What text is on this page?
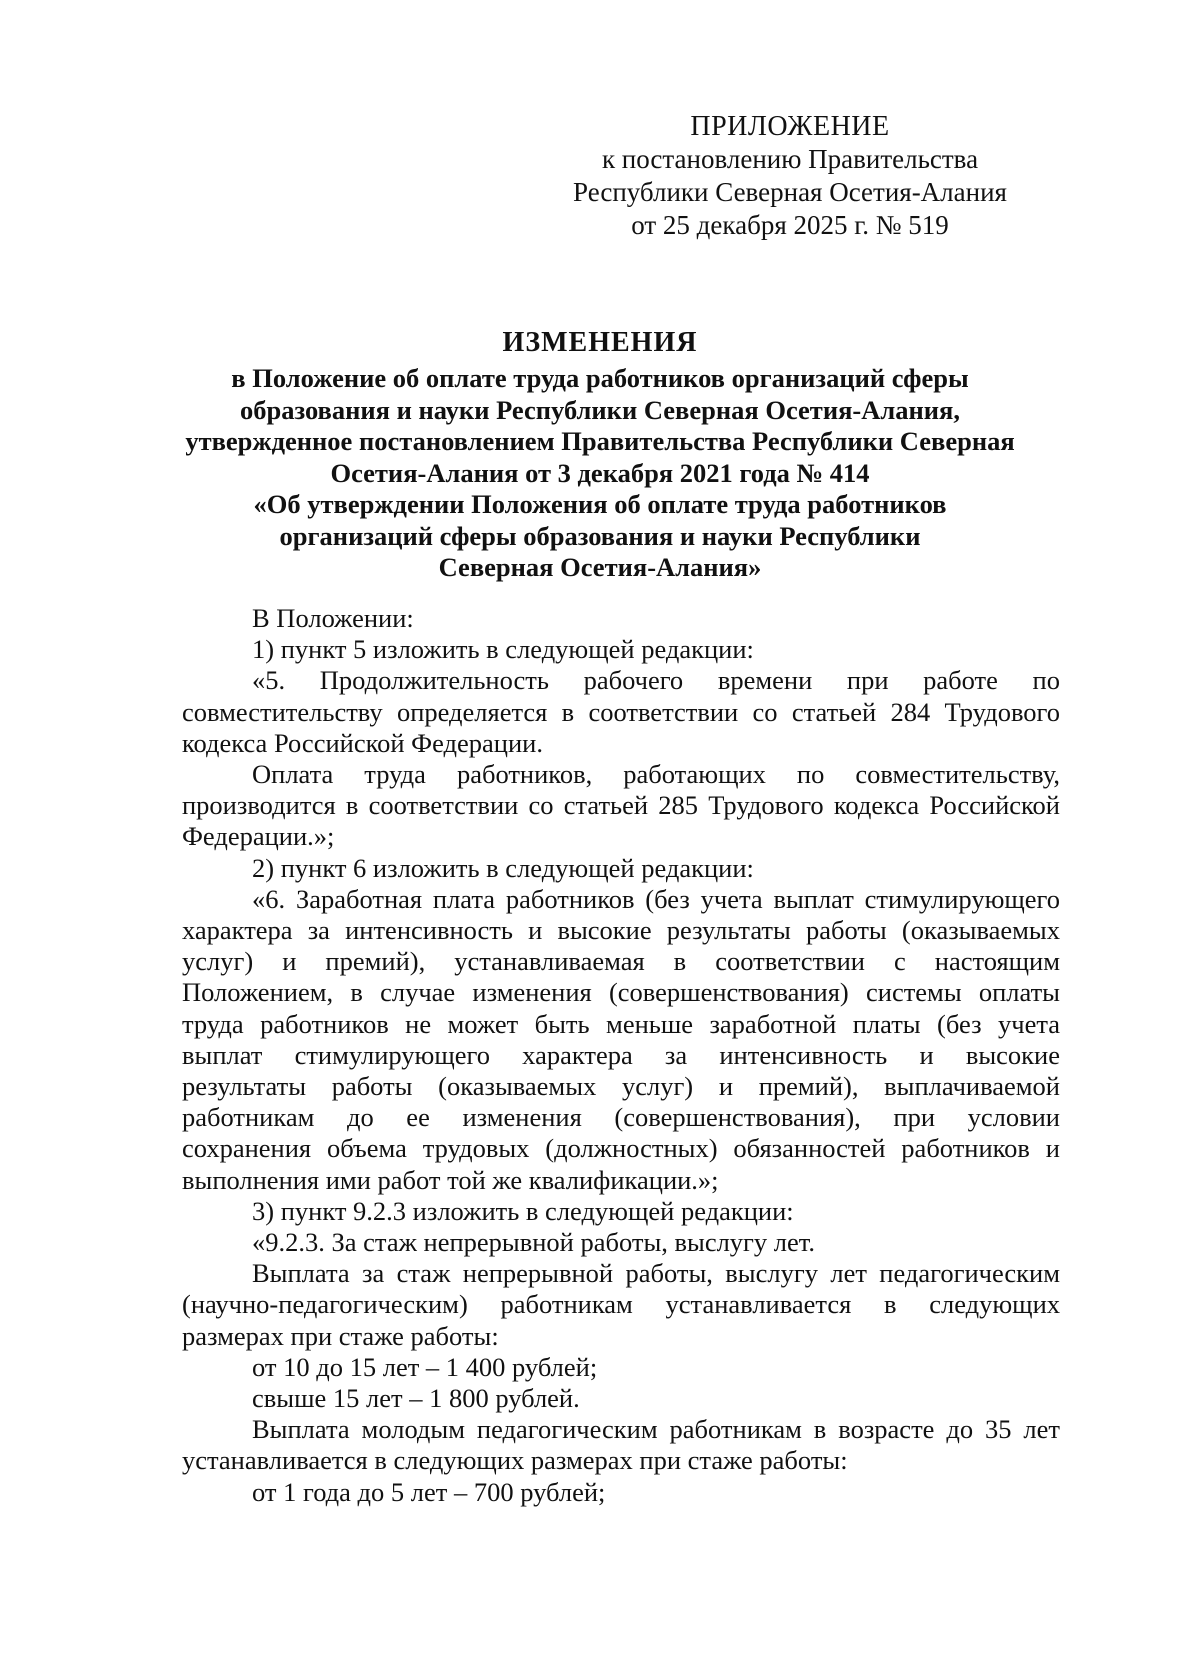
ПРИЛОЖЕНИЕ
к постановлению Правительства
Республики Северная Осетия-Алания
от 25 декабря 2025 г. № 519
ИЗМЕНЕНИЯ
в Положение об оплате труда работников организаций сферы
образования и науки Республики Северная Осетия-Алания,
утвержденное постановлением Правительства Республики Северная
Осетия-Алания от 3 декабря 2021 года № 414
«Об утверждении Положения об оплате труда работников
организаций сферы образования и науки Республики
Северная Осетия-Алания»
В Положении:
1) пункт 5 изложить в следующей редакции:
«5. Продолжительность рабочего времени при работе по
совместительству определяется в соответствии со статьей 284 Трудового
кодекса Российской Федерации.
Оплата труда работников, работающих по совместительству,
производится в соответствии со статьей 285 Трудового кодекса Российской
Федерации.»;
2) пункт 6 изложить в следующей редакции:
«6. Заработная плата работников (без учета выплат стимулирующего
характера за интенсивность и высокие результаты работы (оказываемых
услуг) и премий), устанавливаемая в соответствии с настоящим
Положением, в случае изменения (совершенствования) системы оплаты
труда работников не может быть меньше заработной платы (без учета
выплат стимулирующего характера за интенсивность и высокие
результаты работы (оказываемых услуг) и премий), выплачиваемой
работникам до ее изменения (совершенствования), при условии
сохранения объема трудовых (должностных) обязанностей работников и
выполнения ими работ той же квалификации.»;
3) пункт 9.2.3 изложить в следующей редакции:
«9.2.3. За стаж непрерывной работы, выслугу лет.
Выплата за стаж непрерывной работы, выслугу лет педагогическим
(научно-педагогическим) работникам устанавливается в следующих
размерах при стаже работы:
от 10 до 15 лет – 1 400 рублей;
свыше 15 лет – 1 800 рублей.
Выплата молодым педагогическим работникам в возрасте до 35 лет
устанавливается в следующих размерах при стаже работы:
от 1 года до 5 лет – 700 рублей;
